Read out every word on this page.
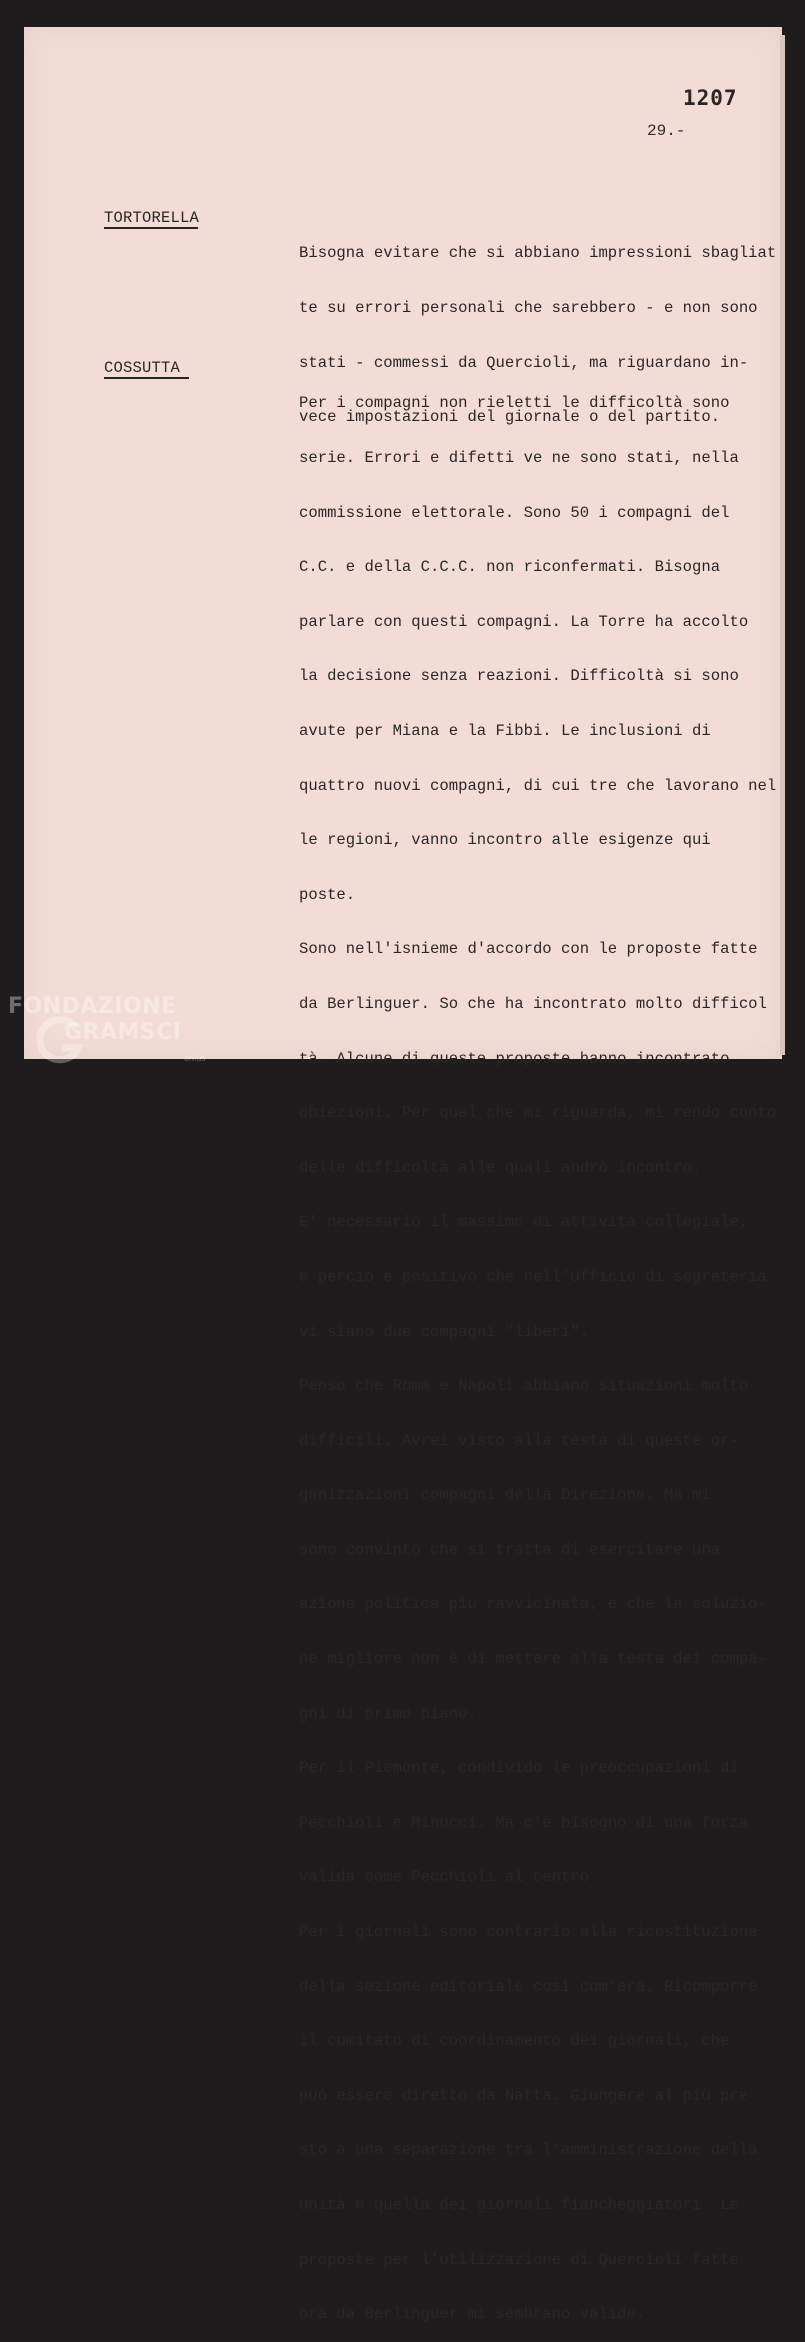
1207
29.-
TORTORELLA

Bisogna evitare che si abbiano impressioni sbagliat

te su errori personali che sarebbero - e non sono

stati - commessi da Quercioli, ma riguardano in-

vece impostazioni del giornale o del partito.

COSSUTTA

Per i compagni non rieletti le difficoltà sono

serie. Errori e difetti ve ne sono stati, nella

commissione elettorale. Sono 50 i compagni del

C.C. e della C.C.C. non riconfermati. Bisogna

parlare con questi compagni. La Torre ha accolto

la decisione senza reazioni. Difficoltà si sono

avute per Miana e la Fibbi. Le inclusioni di

quattro nuovi compagni, di cui tre che lavorano nel

le regioni, vanno incontro alle esigenze qui

poste.

Sono nell'isnieme d'accordo con le proposte fatte

da Berlinguer. So che ha incontrato molto difficol

tà. Alcune di queste proposte hanno incontrato

obiezioni. Per quel che mi riguarda, mi rendo conto

delle difficoltà alle quali andrò incontro.

E' necessario il massimo di attività collegiale,

e perciò è positivo che nell'Ufficio di segreteria

vi siano due compagni "liberi".

Penso che Roma e Napoli abbiano situazioni molto

difficili. Avrei visto alla testa di queste or-

ganizzazioni compagni della Direzione. Ma mi

sono convinto che si tratta di esercitare una

azione politica più ravvicinata, e che la soluzio-

ne migliore non è di mettere alla testa dei compa-

gni di primo piano.

Per il Piemonte, condivido le preoccupazioni di

Pecchioli e Minucci. Ma c'è bisogno di una forza

valida come Pecchioli al centro.

Per i giornali sono contrario alla ricostituzione

della sezione editoriale così com'era. Ricomporre

il comitato di coordinamento dei giornali, che

può essere diretto da Natta. Giungere al più pre-

sto a una separazione tra l'amministrazione della

Unità e quella dei giornali fiancheggiatori. Le

proposte per l'utilizzazione di Quercioli fatte

ora da Berlinguer mi sembrano valide.

FONDAZIONE
GRAMSCI
onlus
